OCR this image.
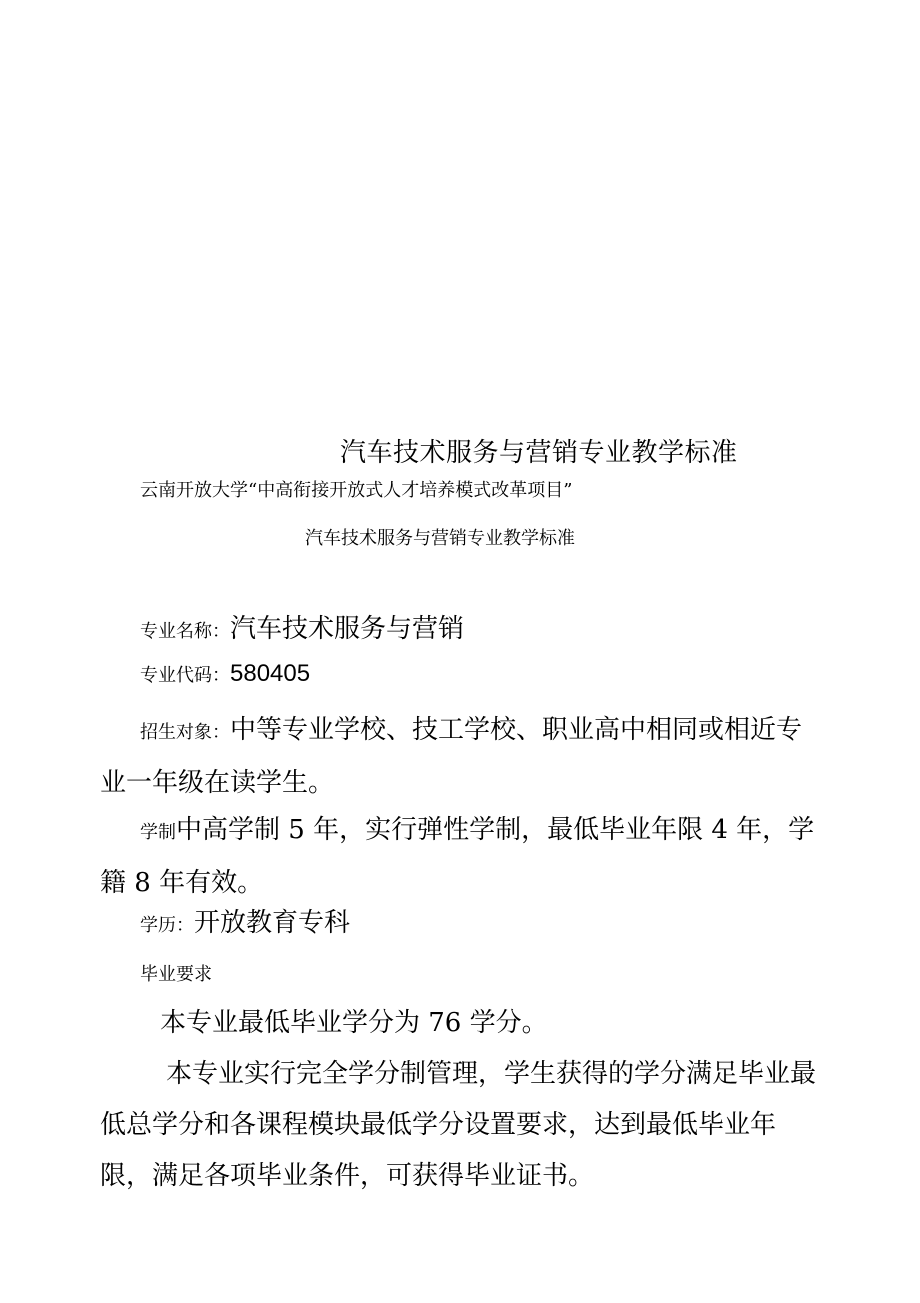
汽车技术服务与营销专业教学标准
云南开放大学“中高衔接开放式人才培养模式改革项目”
汽车技术服务与营销专业教学标准
专业名称：汽车技术服务与营销
专业代码：580405
招生对象：中等专业学校、技工学校、职业高中相同或相近专业一年级在读学生。
学制中高学制 5 年，实行弹性学制，最低毕业年限 4 年，学籍 8 年有效。
学历：开放教育专科
毕业要求
本专业最低毕业学分为 76 学分。
本专业实行完全学分制管理，学生获得的学分满足毕业最低总学分和各课程模块最低学分设置要求，达到最低毕业年限，满足各项毕业条件，可获得毕业证书。
